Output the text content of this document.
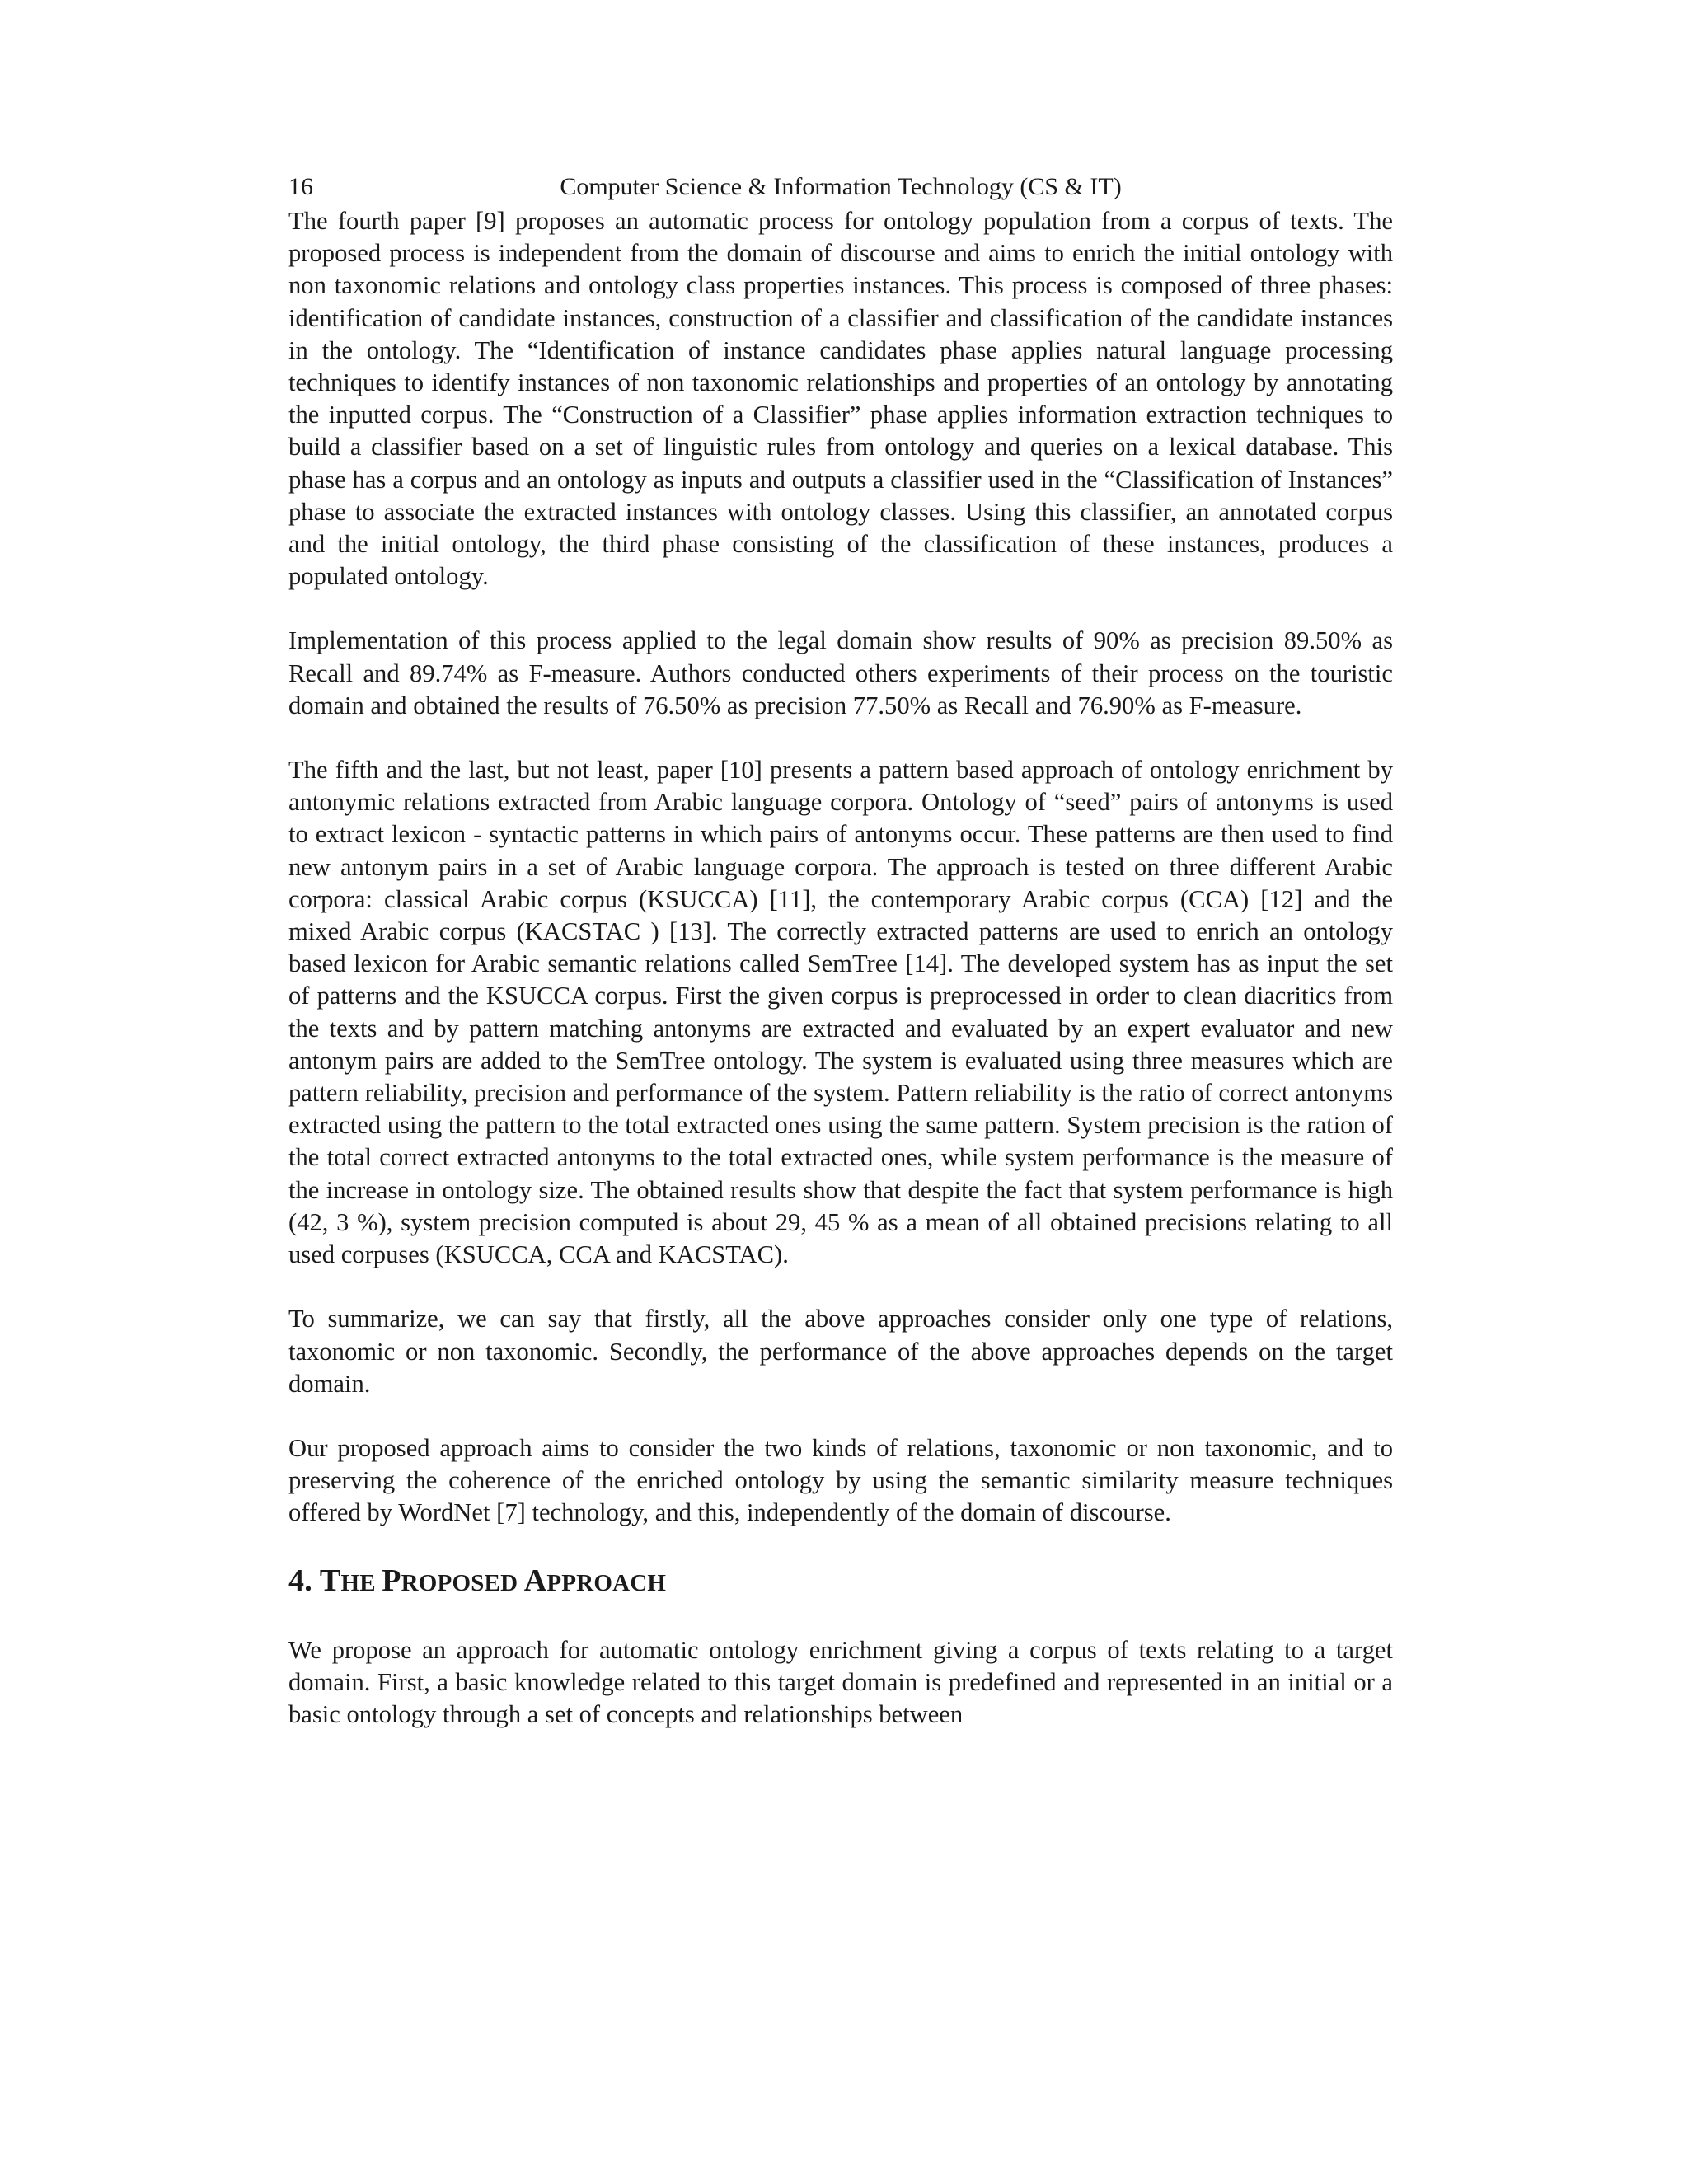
16	Computer Science & Information Technology (CS & IT)

The fourth paper [9] proposes an automatic process for ontology population from a corpus of texts. The proposed process is independent from the domain of discourse and aims to enrich the initial ontology with non taxonomic relations and ontology class properties instances. This process is composed of three phases: identification of candidate instances, construction of a classifier and classification of the candidate instances in the ontology. The “Identification of instance candidates phase applies natural language processing techniques to identify instances of non taxonomic relationships and properties of an ontology by annotating the inputted corpus. The “Construction of a Classifier” phase applies information extraction techniques to build a classifier based on a set of linguistic rules from ontology and queries on a lexical database. This phase has a corpus and an ontology as inputs and outputs a classifier used in the “Classification of Instances” phase to associate the extracted instances with ontology classes. Using this classifier, an annotated corpus and the initial ontology, the third phase consisting of the classification of these instances, produces a populated ontology.

Implementation of this process applied to the legal domain show results of 90% as precision 89.50% as Recall and 89.74% as F-measure. Authors conducted others experiments of their process on the touristic domain and obtained the results of 76.50% as precision 77.50% as Recall and 76.90% as F-measure.

The fifth and the last, but not least, paper [10] presents a pattern based approach of ontology enrichment by antonymic relations extracted from Arabic language corpora. Ontology of “seed” pairs of antonyms is used to extract lexicon - syntactic patterns in which pairs of antonyms occur. These patterns are then used to find new antonym pairs in a set of Arabic language corpora. The approach is tested on three different Arabic corpora: classical Arabic corpus (KSUCCA) [11], the contemporary Arabic corpus (CCA) [12] and the mixed Arabic corpus (KACSTAC ) [13]. The correctly extracted patterns are used to enrich an ontology based lexicon for Arabic semantic relations called SemTree [14]. The developed system has as input the set of patterns and the KSUCCA corpus. First the given corpus is preprocessed in order to clean diacritics from the texts and by pattern matching antonyms are extracted and evaluated by an expert evaluator and new antonym pairs are added to the SemTree ontology. The system is evaluated using three measures which are pattern reliability, precision and performance of the system. Pattern reliability is the ratio of correct antonyms extracted using the pattern to the total extracted ones using the same pattern. System precision is the ration of the total correct extracted antonyms to the total extracted ones, while system performance is the measure of the increase in ontology size. The obtained results show that despite the fact that system performance is high (42, 3 %), system precision computed is about 29, 45 % as a mean of all obtained precisions relating to all used corpuses (KSUCCA, CCA and KACSTAC).

To summarize, we can say that firstly, all the above approaches consider only one type of relations, taxonomic or non taxonomic. Secondly, the performance of the above approaches depends on the target domain.

Our proposed approach aims to consider the two kinds of relations, taxonomic or non taxonomic, and to preserving the coherence of the enriched ontology by using the semantic similarity measure techniques offered by WordNet [7] technology, and this, independently of the domain of discourse.

4. THE PROPOSED APPROACH

We propose an approach for automatic ontology enrichment giving a corpus of texts relating to a target domain. First, a basic knowledge related to this target domain is predefined and represented in an initial or a basic ontology through a set of concepts and relationships between
